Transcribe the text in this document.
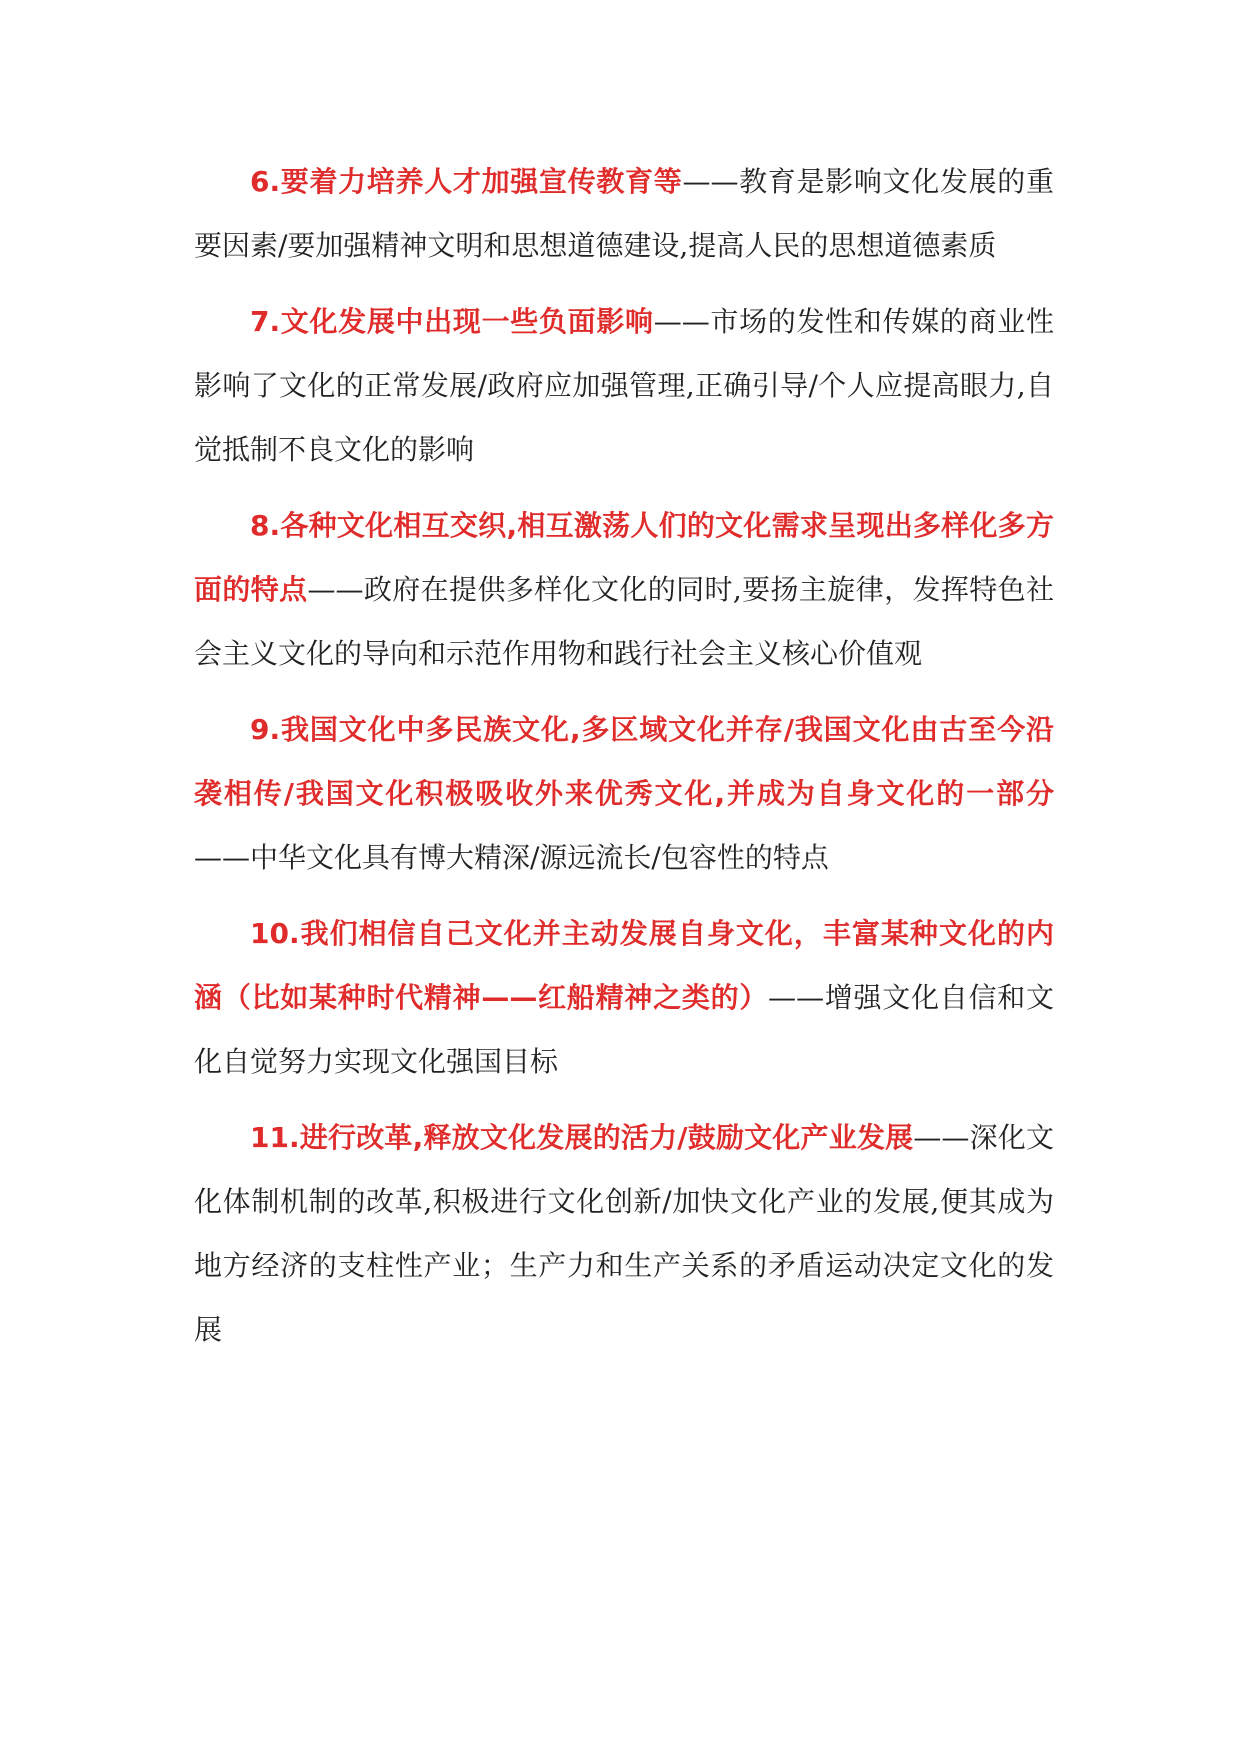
6.要着力培养人才加强宣传教育等——教育是影响文化发展的重要因素/要加强精神文明和思想道德建设,提高人民的思想道德素质

7.文化发展中出现一些负面影响——市场的发性和传媒的商业性影响了文化的正常发展/政府应加强管理,正确引导/个人应提高眼力,自觉抵制不良文化的影响

8.各种文化相互交织,相互激荡人们的文化需求呈现出多样化多方面的特点——政府在提供多样化文化的同时,要扬主旋律，发挥特色社会主义文化的导向和示范作用物和践行社会主义核心价值观

9.我国文化中多民族文化,多区域文化并存/我国文化由古至今沿袭相传/我国文化积极吸收外来优秀文化,并成为自身文化的一部分——中华文化具有博大精深/源远流长/包容性的特点

10.我们相信自己文化并主动发展自身文化，丰富某种文化的内涵（比如某种时代精神——红船精神之类的）——增强文化自信和文化自觉努力实现文化强国目标

11.进行改革,释放文化发展的活力/鼓励文化产业发展——深化文化体制机制的改革,积极进行文化创新/加快文化产业的发展,便其成为地方经济的支柱性产业；生产力和生产关系的矛盾运动决定文化的发展
